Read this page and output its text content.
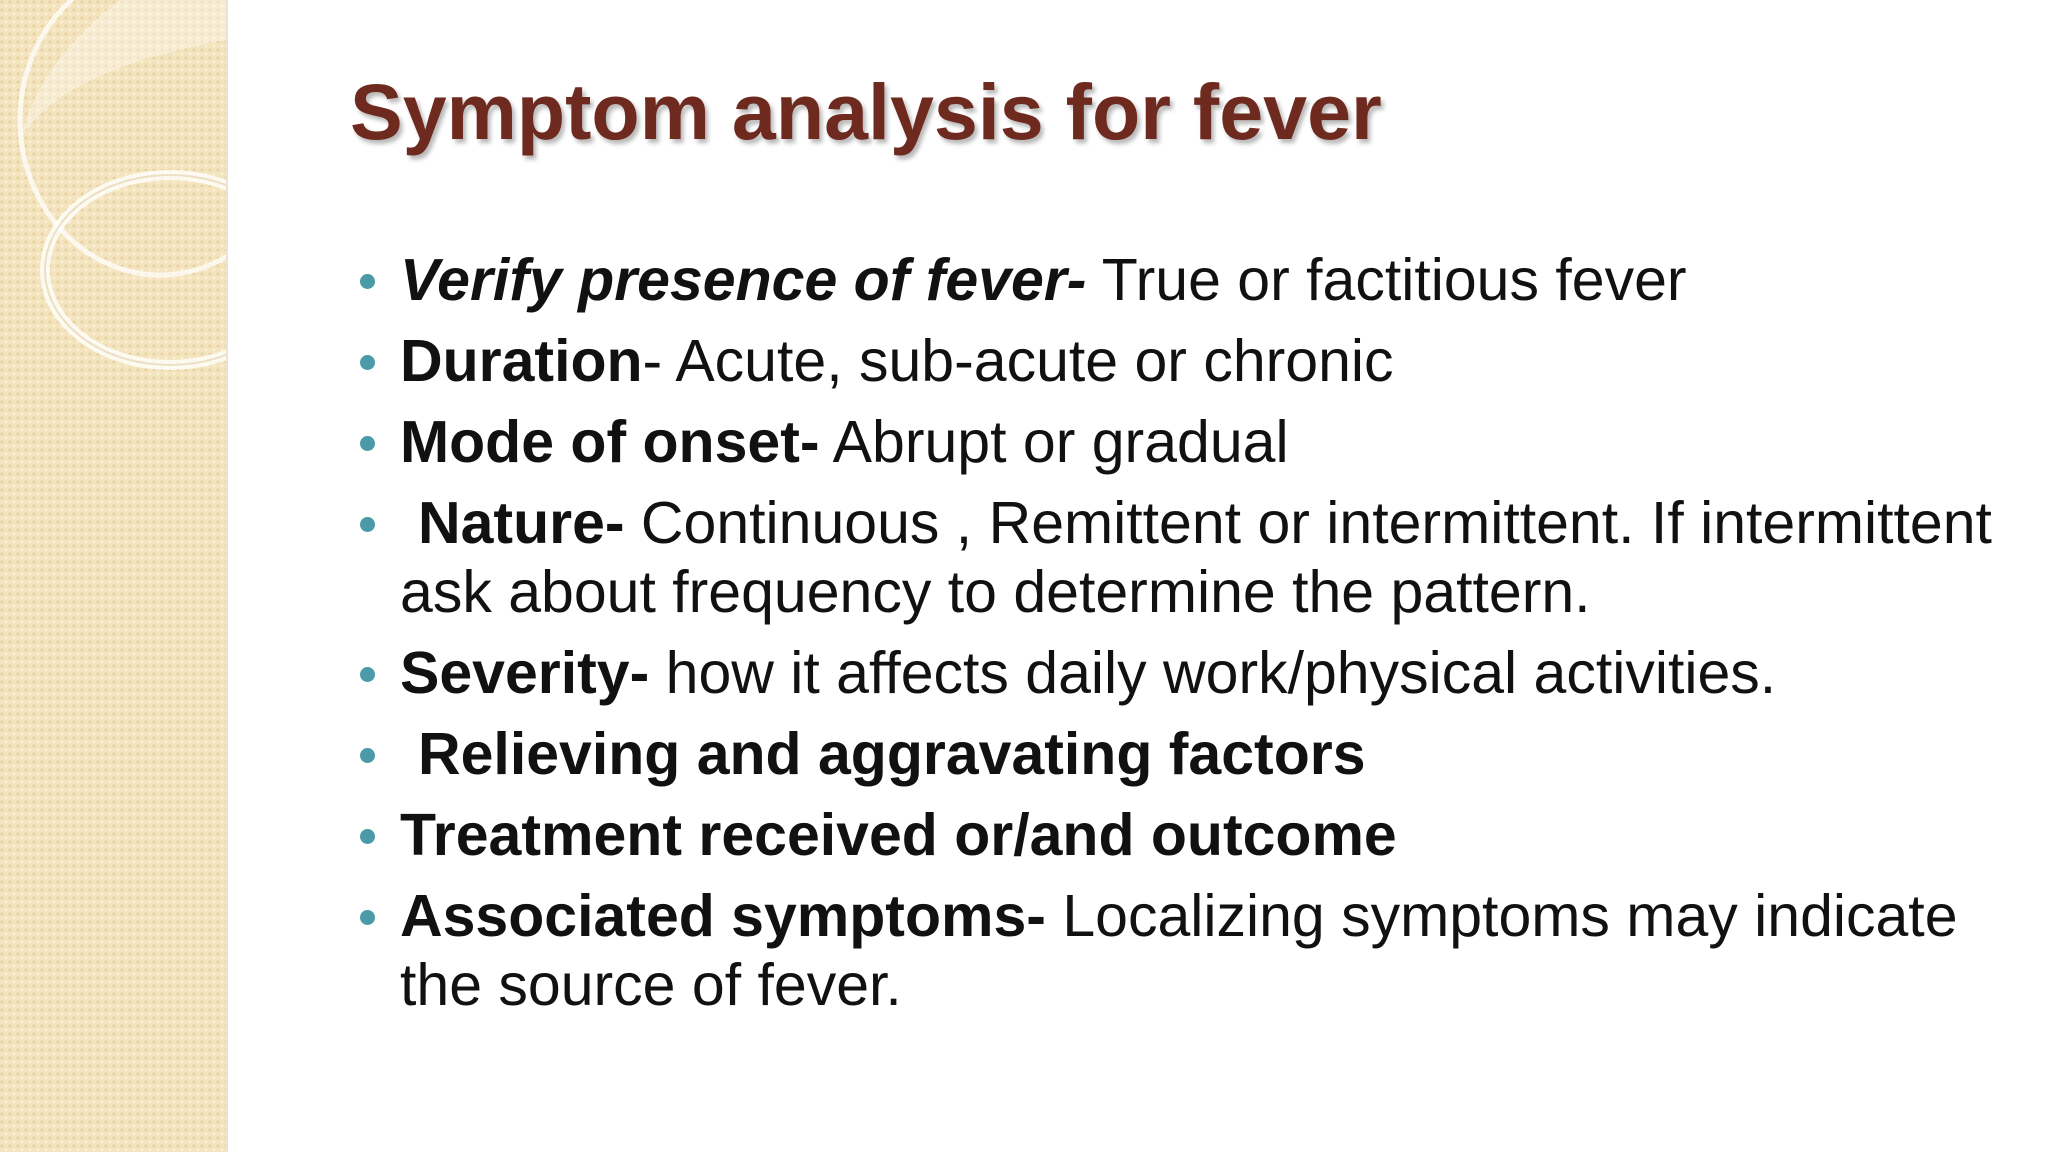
Symptom analysis for fever
Verify presence of fever- True or factitious fever
Duration- Acute, sub-acute or chronic
Mode of onset- Abrupt or gradual
Nature- Continuous , Remittent or intermittent. If intermittent ask about frequency to determine the pattern.
Severity- how it affects daily work/physical activities.
Relieving and aggravating factors
Treatment received or/and outcome
Associated symptoms- Localizing symptoms may indicate the source of fever.
